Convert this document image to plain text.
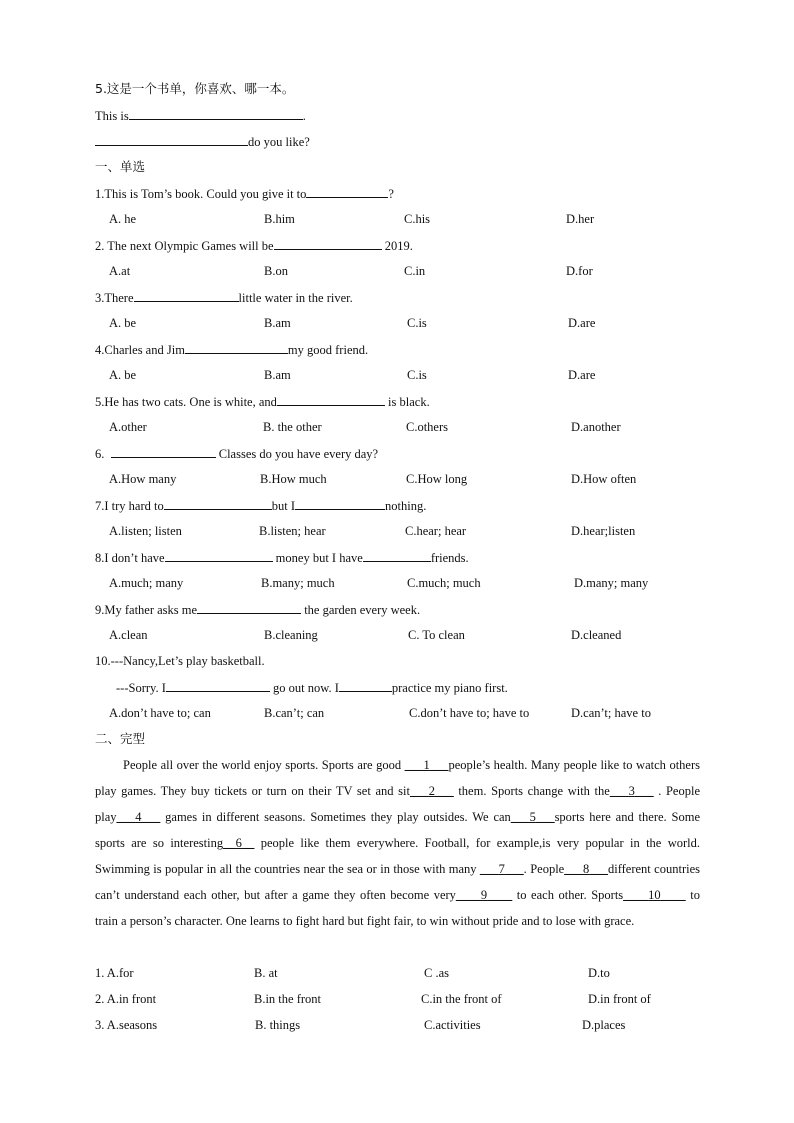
5.这是一个书单，你喜欢、哪一本。
This is	.
do you like?
一、单选
1.This is Tom’s book. Could you give it to	?
A. he	B.him	C.his	D.her
2. The next Olympic Games will be	2019.
A.at	B.on	C.in	D.for
3.There	little water in the river.
A. be	B.am	C.is	D.are
4.Charles and Jim	my good friend.
A. be	B.am	C.is	D.are
5.He has two cats. One is white, and	is black.
A.other	B. the other	C.others	D.another
6.	Classes do you have every day?
A.How many	B.How much	C.How long	D.How often
7.I try hard to	but I	nothing.
A.listen; listen	B.listen; hear	C.hear; hear	D.hear;listen
8.I don’t have	money but I have	friends.
A.much; many	B.many; much	C.much; much	D.many; many
9.My father asks me	the garden every week.
A.clean	B.cleaning	C. To clean	D.cleaned
10.---Nancy,Let’s play basketball.
---Sorry. I	go out now. I	practice my piano first.
A.don’t have to; can	B.can’t; can	C.don’t have to; have to	D.can’t; have to
二、完型

People all over the world enjoy sports. Sports are good ___1___people’s health. Many people like to watch others play games. They buy tickets or turn on their TV set and sit___2___ them. Sports change with the___3___ . People play___4___ games in different seasons. Sometimes they play outsides. We can___5___sports here and there. Some sports are so interesting__6__ people like them everywhere. Football, for example,is very popular in the world. Swimming is popular in all the countries near the sea or in those with many ___7___. People___8___different countries can’t understand each other, but after a game they often become very____9____ to each other. Sports____10____ to train a person’s character. One learns to fight hard but fight fair, to win without pride and to lose with grace.

1. A.for	B. at	C .as	D.to
2. A.in front	B.in the front	C.in the front of	D.in front of
3. A.seasons	B. things	C.activities	D.places
